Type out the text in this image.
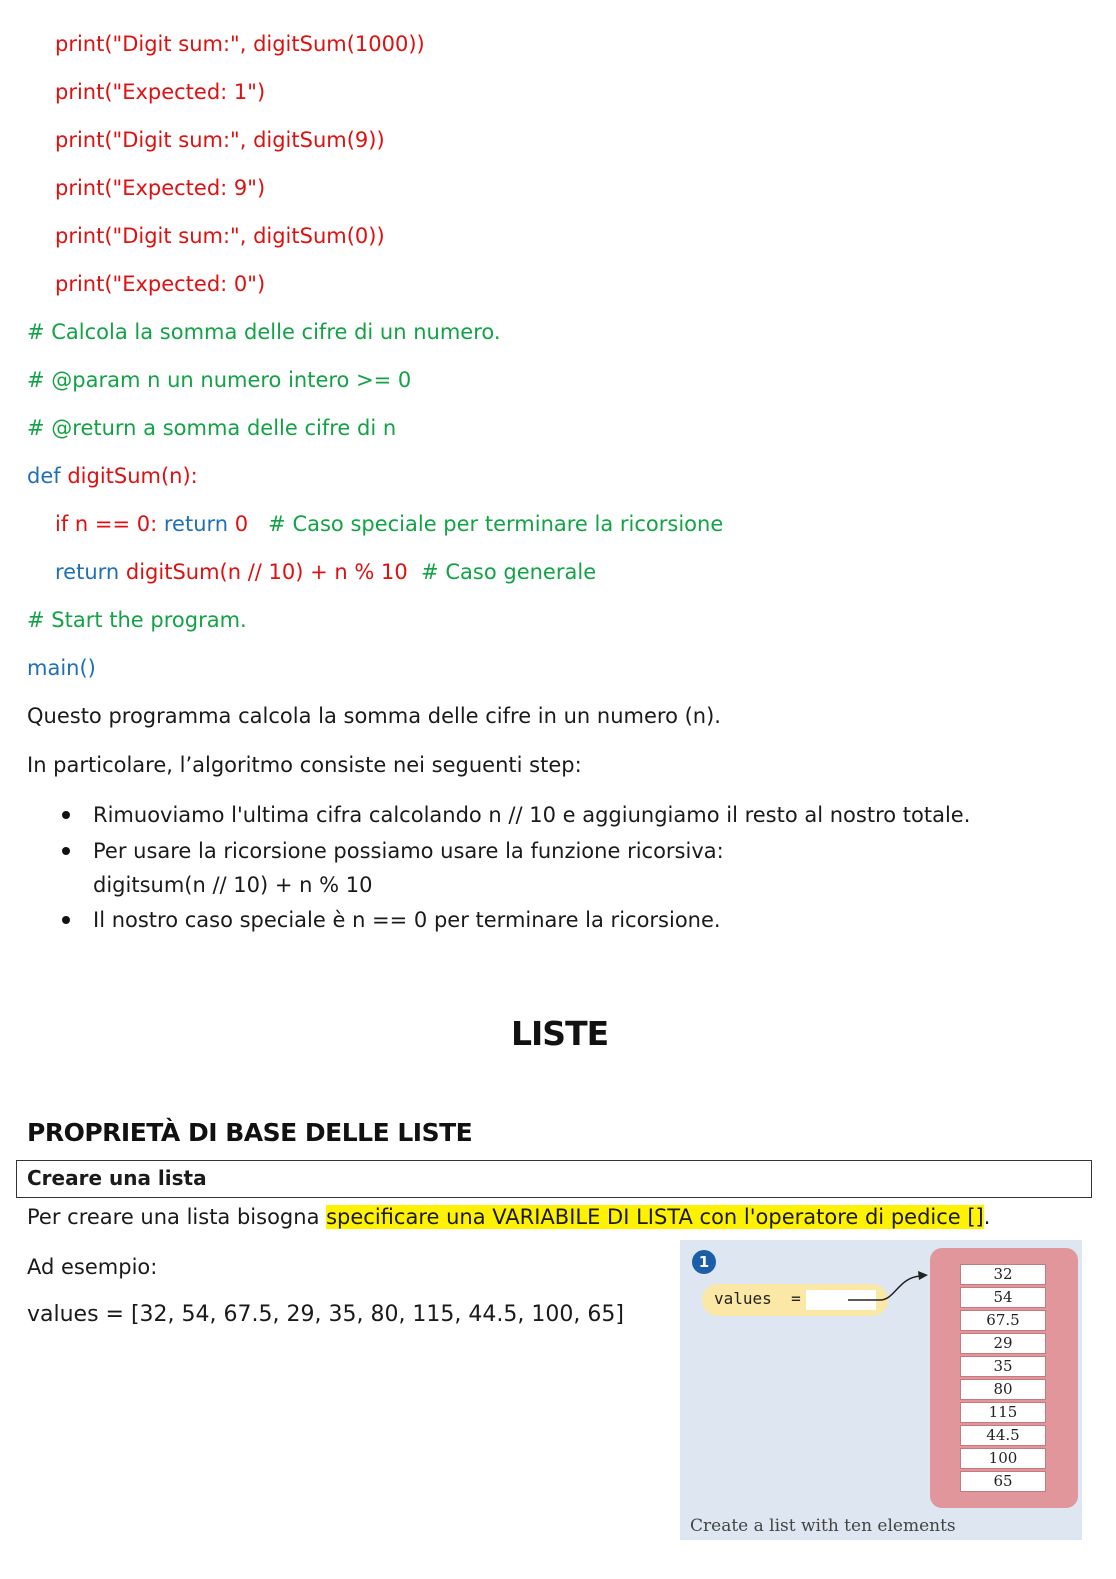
print("Digit sum:", digitSum(1000))
print("Expected: 1")
print("Digit sum:", digitSum(9))
print("Expected: 9")
print("Digit sum:", digitSum(0))
print("Expected: 0")
# Calcola la somma delle cifre di un numero.
# @param n un numero intero >= 0
# @return a somma delle cifre di n
def digitSum(n):
if n == 0: return 0 # Caso speciale per terminare la ricorsione
return digitSum(n // 10) + n % 10 # Caso generale
# Start the program.
main()
Questo programma calcola la somma delle cifre in un numero (n).
In particolare, l’algoritmo consiste nei seguenti step:
Rimuoviamo l'ultima cifra calcolando n // 10 e aggiungiamo il resto al nostro totale.
Per usare la ricorsione possiamo usare la funzione ricorsiva:
digitsum(n // 10) + n % 10
Il nostro caso speciale è n == 0 per terminare la ricorsione.
LISTE
PROPRIETÀ DI BASE DELLE LISTE
Creare una lista
Per creare una lista bisogna specificare una VARIABILE DI LISTA con l'operatore di pedice [].
Ad esempio:
values = [32, 54, 67.5, 29, 35, 80, 115, 44.5, 100, 65]
1
values  =
32
54
67.5
29
35
80
115
44.5
100
65
Create a list with ten elements
